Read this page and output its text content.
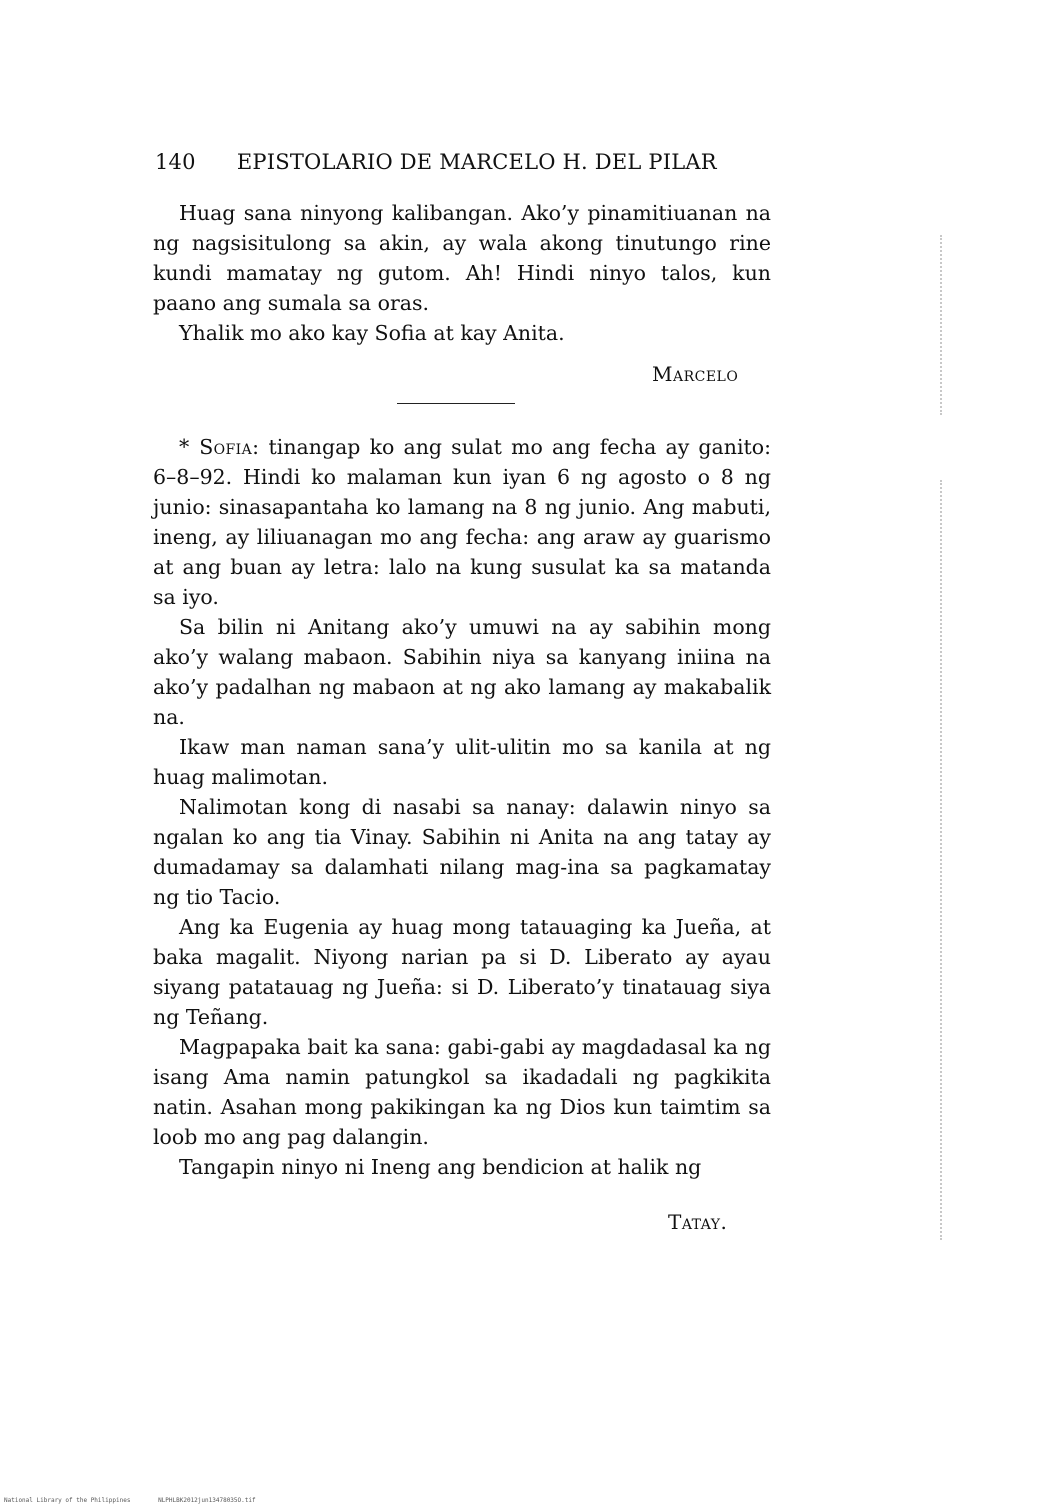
140 EPISTOLARIO DE MARCELO H. DEL PILAR

Huag sana ninyong kalibangan. Ako’y pinamitiuanan na ng nagsisitulong sa akin, ay wala akong tinutungo rine kundi mamatay ng gutom. Ah! Hindi ninyo talos, kun paano ang sumala sa oras.

Yhalik mo ako kay Sofia at kay Anita.

Marcelo

* Sofia: tinangap ko ang sulat mo ang fecha ay ganito: 6–8–92. Hindi ko malaman kun iyan 6 ng agosto o 8 ng junio: sinasapantaha ko lamang na 8 ng junio. Ang mabuti, ineng, ay liliuanagan mo ang fecha: ang araw ay guarismo at ang buan ay letra: lalo na kung susulat ka sa matanda sa iyo.

Sa bilin ni Anitang ako’y umuwi na ay sabihin mong ako’y walang mabaon. Sabihin niya sa kanyang iniina na ako’y padalhan ng mabaon at ng ako lamang ay makabalik na.

Ikaw man naman sana’y ulit-ulitin mo sa kanila at ng huag malimotan.

Nalimotan kong di nasabi sa nanay: dalawin ninyo sa ngalan ko ang tia Vinay. Sabihin ni Anita na ang tatay ay dumadamay sa dalamhati nilang mag-ina sa pagkamatay ng tio Tacio.

Ang ka Eugenia ay huag mong tatauaging ka Jueña, at baka magalit. Niyong narian pa si D. Liberato ay ayau siyang patatauag ng Jueña: si D. Liberato’y tinatauag siya ng Teñang.

Magpapaka bait ka sana: gabi-gabi ay magdadasal ka ng isang Ama namin patungkol sa ikadadali ng pagkikita natin. Asahan mong pakikingan ka ng Dios kun taimtim sa loob mo ang pag dalangin.

Tangapin ninyo ni Ineng ang bendicion at halik ng

Tatay.
National Library of the Philippines	NLPHLBK2012jun13478035O.tif
